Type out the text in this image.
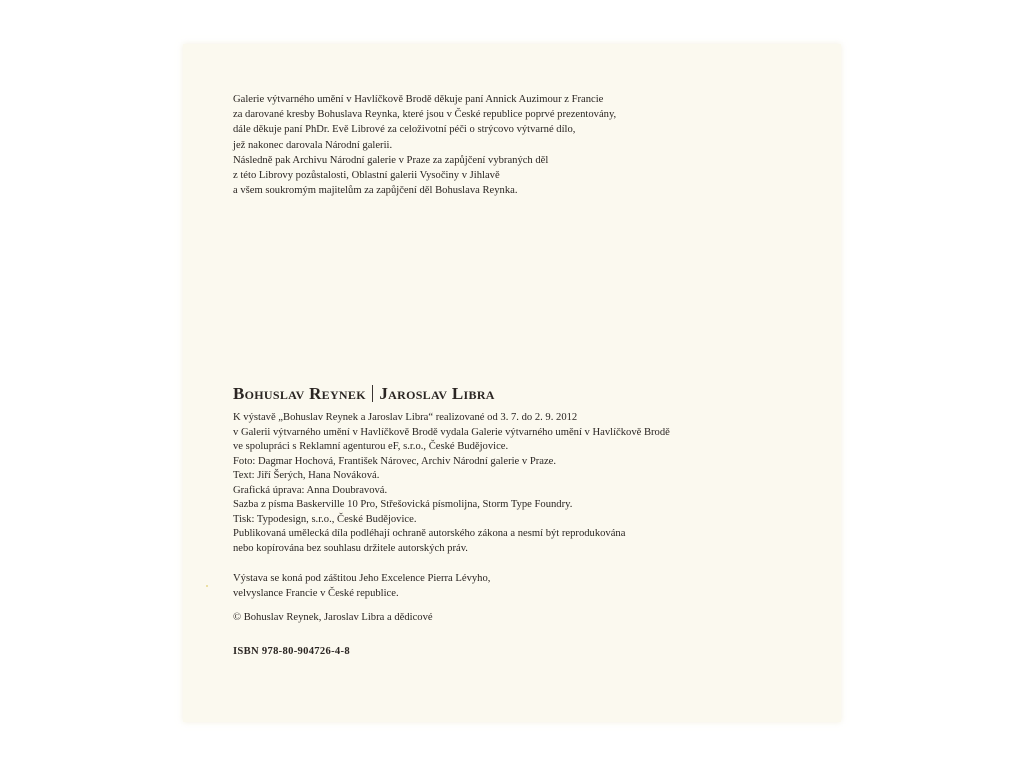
Galerie výtvarného umění v Havlíčkově Brodě děkuje paní Annick Auzimour z Francie
za darované kresby Bohuslava Reynka, které jsou v České republice poprvé prezentovány,
dále děkuje paní PhDr. Evě Librové za celoživotní péči o strýcovo výtvarné dílo,
jež nakonec darovala Národní galerii.
Následně pak Archivu Národní galerie v Praze za zapůjčení vybraných děl
z této Librovy pozůstalosti, Oblastní galerii Vysočiny v Jihlavě
a všem soukromým majitelům za zapůjčení děl Bohuslava Reynka.
Bohuslav Reynek Jaroslav Libra
K výstavě „Bohuslav Reynek a Jaroslav Libra“ realizované od 3. 7. do 2. 9. 2012
v Galerii výtvarného umění v Havlíčkově Brodě vydala Galerie výtvarného umění v Havlíčkově Brodě
ve spolupráci s Reklamní agenturou eF, s.r.o., České Budějovice.
Foto: Dagmar Hochová, František Nárovec, Archiv Národní galerie v Praze.
Text: Jiří Šerých, Hana Nováková.
Grafická úprava: Anna Doubravová.
Sazba z písma Baskerville 10 Pro, Střešovická písmolijna, Storm Type Foundry.
Tisk: Typodesign, s.r.o., České Budějovice.
Publikovaná umělecká díla podléhají ochraně autorského zákona a nesmí být reprodukována
nebo kopírována bez souhlasu držitele autorských práv.
Výstava se koná pod záštitou Jeho Excelence Pierra Lévyho,
velvyslance Francie v České republice.
© Bohuslav Reynek, Jaroslav Libra a dědicové
ISBN 978-80-904726-4-8
